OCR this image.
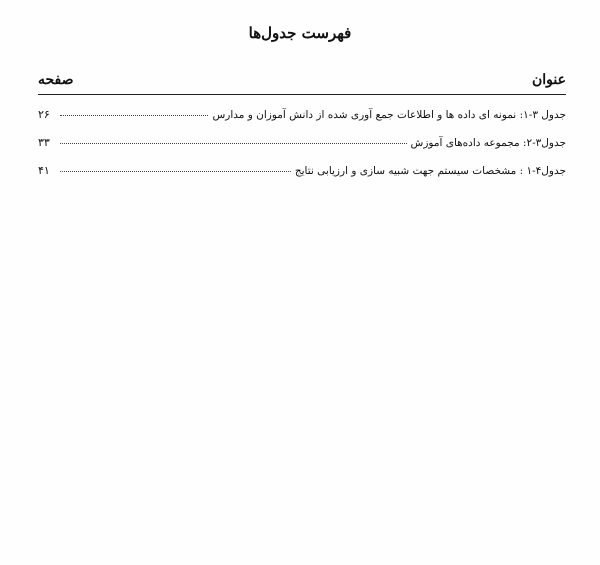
فهرست جدول‌ها
عنوان
صفحه
جدول ۳-۱: نمونه ای داده ها و اطلاعات جمع آوری شده از دانش آموزان و مدارس
۲۶
جدول۳-۲: مجموعه داده‌های آموزش
۳۳
جدول۴-۱ : مشخصات سیستم جهت شبیه سازی و ارزیابی نتایج
۴۱
